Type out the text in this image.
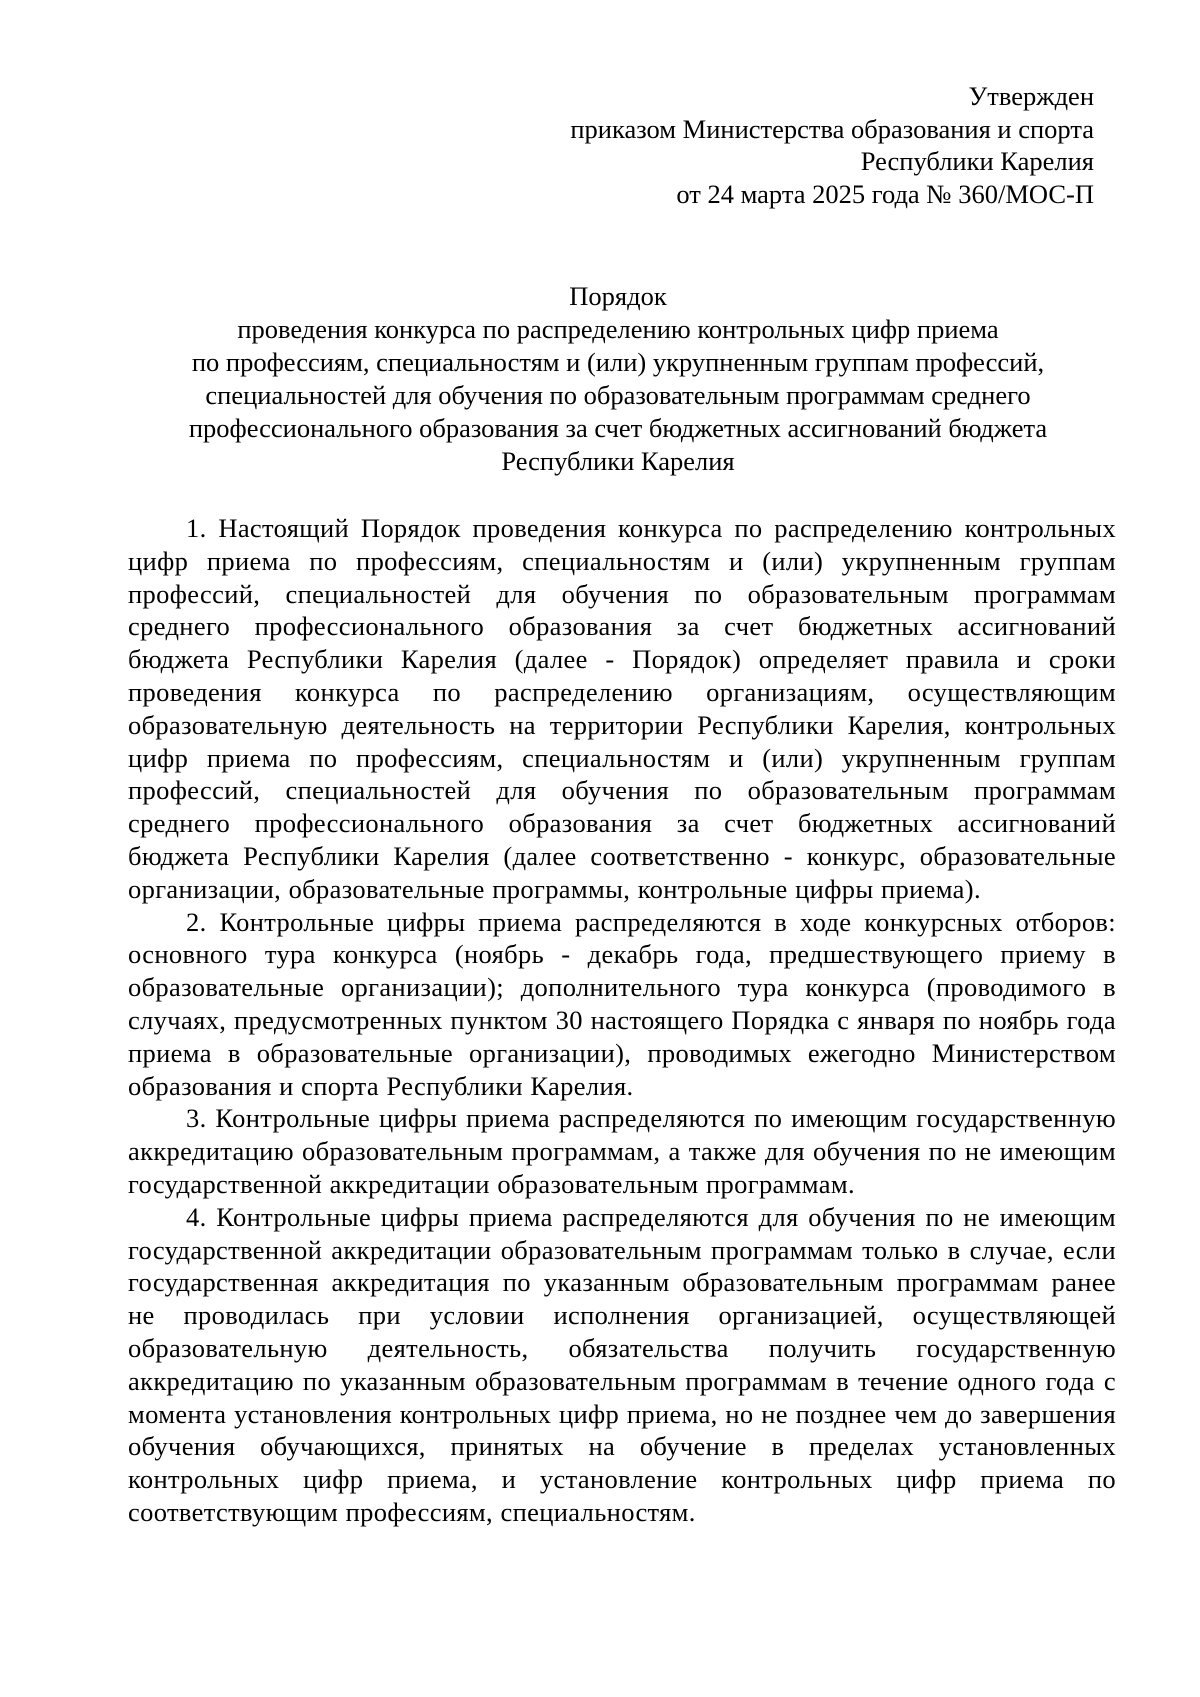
Утвержден
приказом Министерства образования и спорта
Республики Карелия
от 24 марта 2025 года № 360/МОС-П
Порядок
проведения конкурса по распределению контрольных цифр приема
по профессиям, специальностям и (или) укрупненным группам профессий,
специальностей для обучения по образовательным программам среднего
профессионального образования за счет бюджетных ассигнований бюджета
Республики Карелия

1. Настоящий Порядок проведения конкурса по распределению контрольных цифр приема по профессиям, специальностям и (или) укрупненным группам профессий, специальностей для обучения по образовательным программам среднего профессионального образования за счет бюджетных ассигнований бюджета Республики Карелия (далее - Порядок) определяет правила и сроки проведения конкурса по распределению организациям, осуществляющим образовательную деятельность на территории Республики Карелия, контрольных цифр приема по профессиям, специальностям и (или) укрупненным группам профессий, специальностей для обучения по образовательным программам среднего профессионального образования за счет бюджетных ассигнований бюджета Республики Карелия (далее соответственно - конкурс, образовательные организации, образовательные программы, контрольные цифры приема).

2. Контрольные цифры приема распределяются в ходе конкурсных отборов: основного тура конкурса (ноябрь - декабрь года, предшествующего приему в образовательные организации); дополнительного тура конкурса (проводимого в случаях, предусмотренных пунктом 30 настоящего Порядка с января по ноябрь года приема в образовательные организации), проводимых ежегодно Министерством образования и спорта Республики Карелия.

3. Контрольные цифры приема распределяются по имеющим государственную аккредитацию образовательным программам, а также для обучения по не имеющим государственной аккредитации образовательным программам.

4. Контрольные цифры приема распределяются для обучения по не имеющим государственной аккредитации образовательным программам только в случае, если государственная аккредитация по указанным образовательным программам ранее не проводилась при условии исполнения организацией, осуществляющей образовательную деятельность, обязательства получить государственную аккредитацию по указанным образовательным программам в течение одного года с момента установления контрольных цифр приема, но не позднее чем до завершения обучения обучающихся, принятых на обучение в пределах установленных контрольных цифр приема, и установление контрольных цифр приема по соответствующим профессиям, специальностям.
